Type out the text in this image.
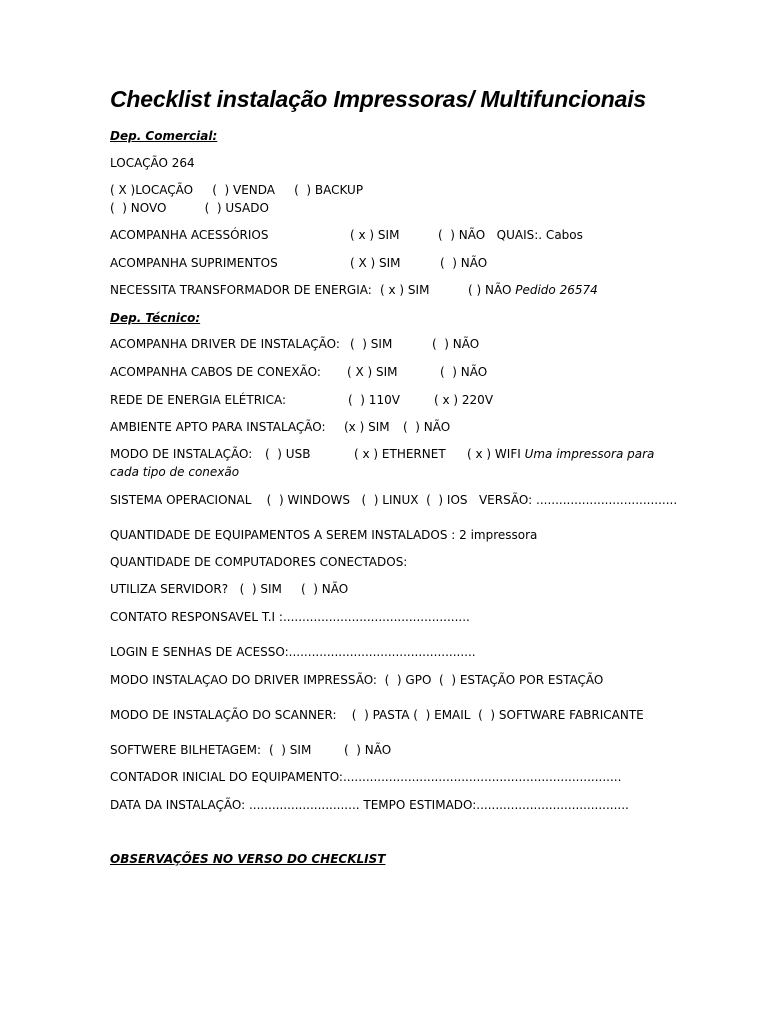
Checklist instalação Impressoras/ Multifuncionais
Dep. Comercial:
LOCAÇÃO 264
( X )LOCAÇÃO     (  ) VENDA     (  ) BACKUP
(  ) NOVO          (  ) USADO
ACOMPANHA ACESSÓRIOS	( x ) SIM	(  ) NÃO   QUAIS:. Cabos
ACOMPANHA SUPRIMENTOS	( X ) SIM	(  ) NÃO
NECESSITA TRANSFORMADOR DE ENERGIA: ( x ) SIM	( ) NÃO Pedido 26574
Dep. Técnico:
ACOMPANHA DRIVER DE INSTALAÇÃO: (  ) SIM	(  ) NÃO
ACOMPANHA CABOS DE CONEXÃO: ( X ) SIM	(  ) NÃO
REDE DE ENERGIA ELÉTRICA:	(  ) 110V	( x ) 220V
AMBIENTE APTO PARA INSTALAÇÃO: (x ) SIM (  ) NÃO
MODO DE INSTALAÇÃO: (  ) USB	( x ) ETHERNET ( x ) WIFI Uma impressora para
cada tipo de conexão
SISTEMA OPERACIONAL    (  ) WINDOWS   (  ) LINUX  (  ) IOS   VERSÃO: .....................................
QUANTIDADE DE EQUIPAMENTOS A SEREM INSTALADOS : 2 impressora
QUANTIDADE DE COMPUTADORES CONECTADOS:
UTILIZA SERVIDOR?   (  ) SIM     (  ) NÃO
CONTATO RESPONSAVEL T.I :.................................................
LOGIN E SENHAS DE ACESSO:.................................................
MODO INSTALAÇAO DO DRIVER IMPRESSÃO:  (  ) GPO  (  ) ESTAÇÃO POR ESTAÇÃO
MODO DE INSTALAÇÃO DO SCANNER:    (  ) PASTA (  ) EMAIL  (  ) SOFTWARE FABRICANTE
SOFTWERE BILHETAGEM: (  ) SIM	(  ) NÃO
CONTADOR INICIAL DO EQUIPAMENTO:.........................................................................
DATA DA INSTALAÇÃO: ............................. TEMPO ESTIMADO:........................................
OBSERVAÇÕES NO VERSO DO CHECKLIST
